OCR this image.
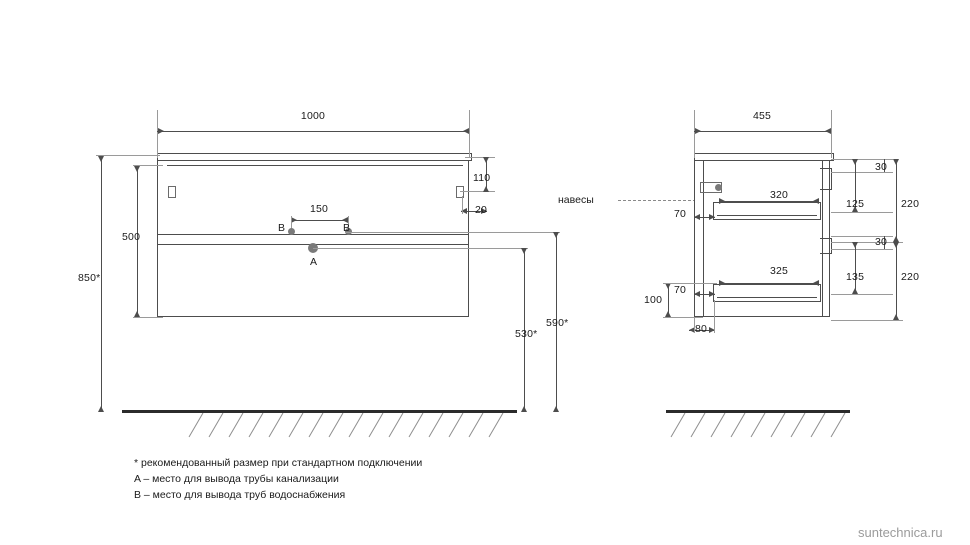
1000
850*
500
110
20
150
B	B
A
530*
590*
навесы
455
30
125	220
320
70
30
135	220
325
70
100
80
* рекомендованный размер при стандартном подключении
A – место для вывода трубы канализации
B – место для вывода труб водоснабжения
suntechnica.ru
